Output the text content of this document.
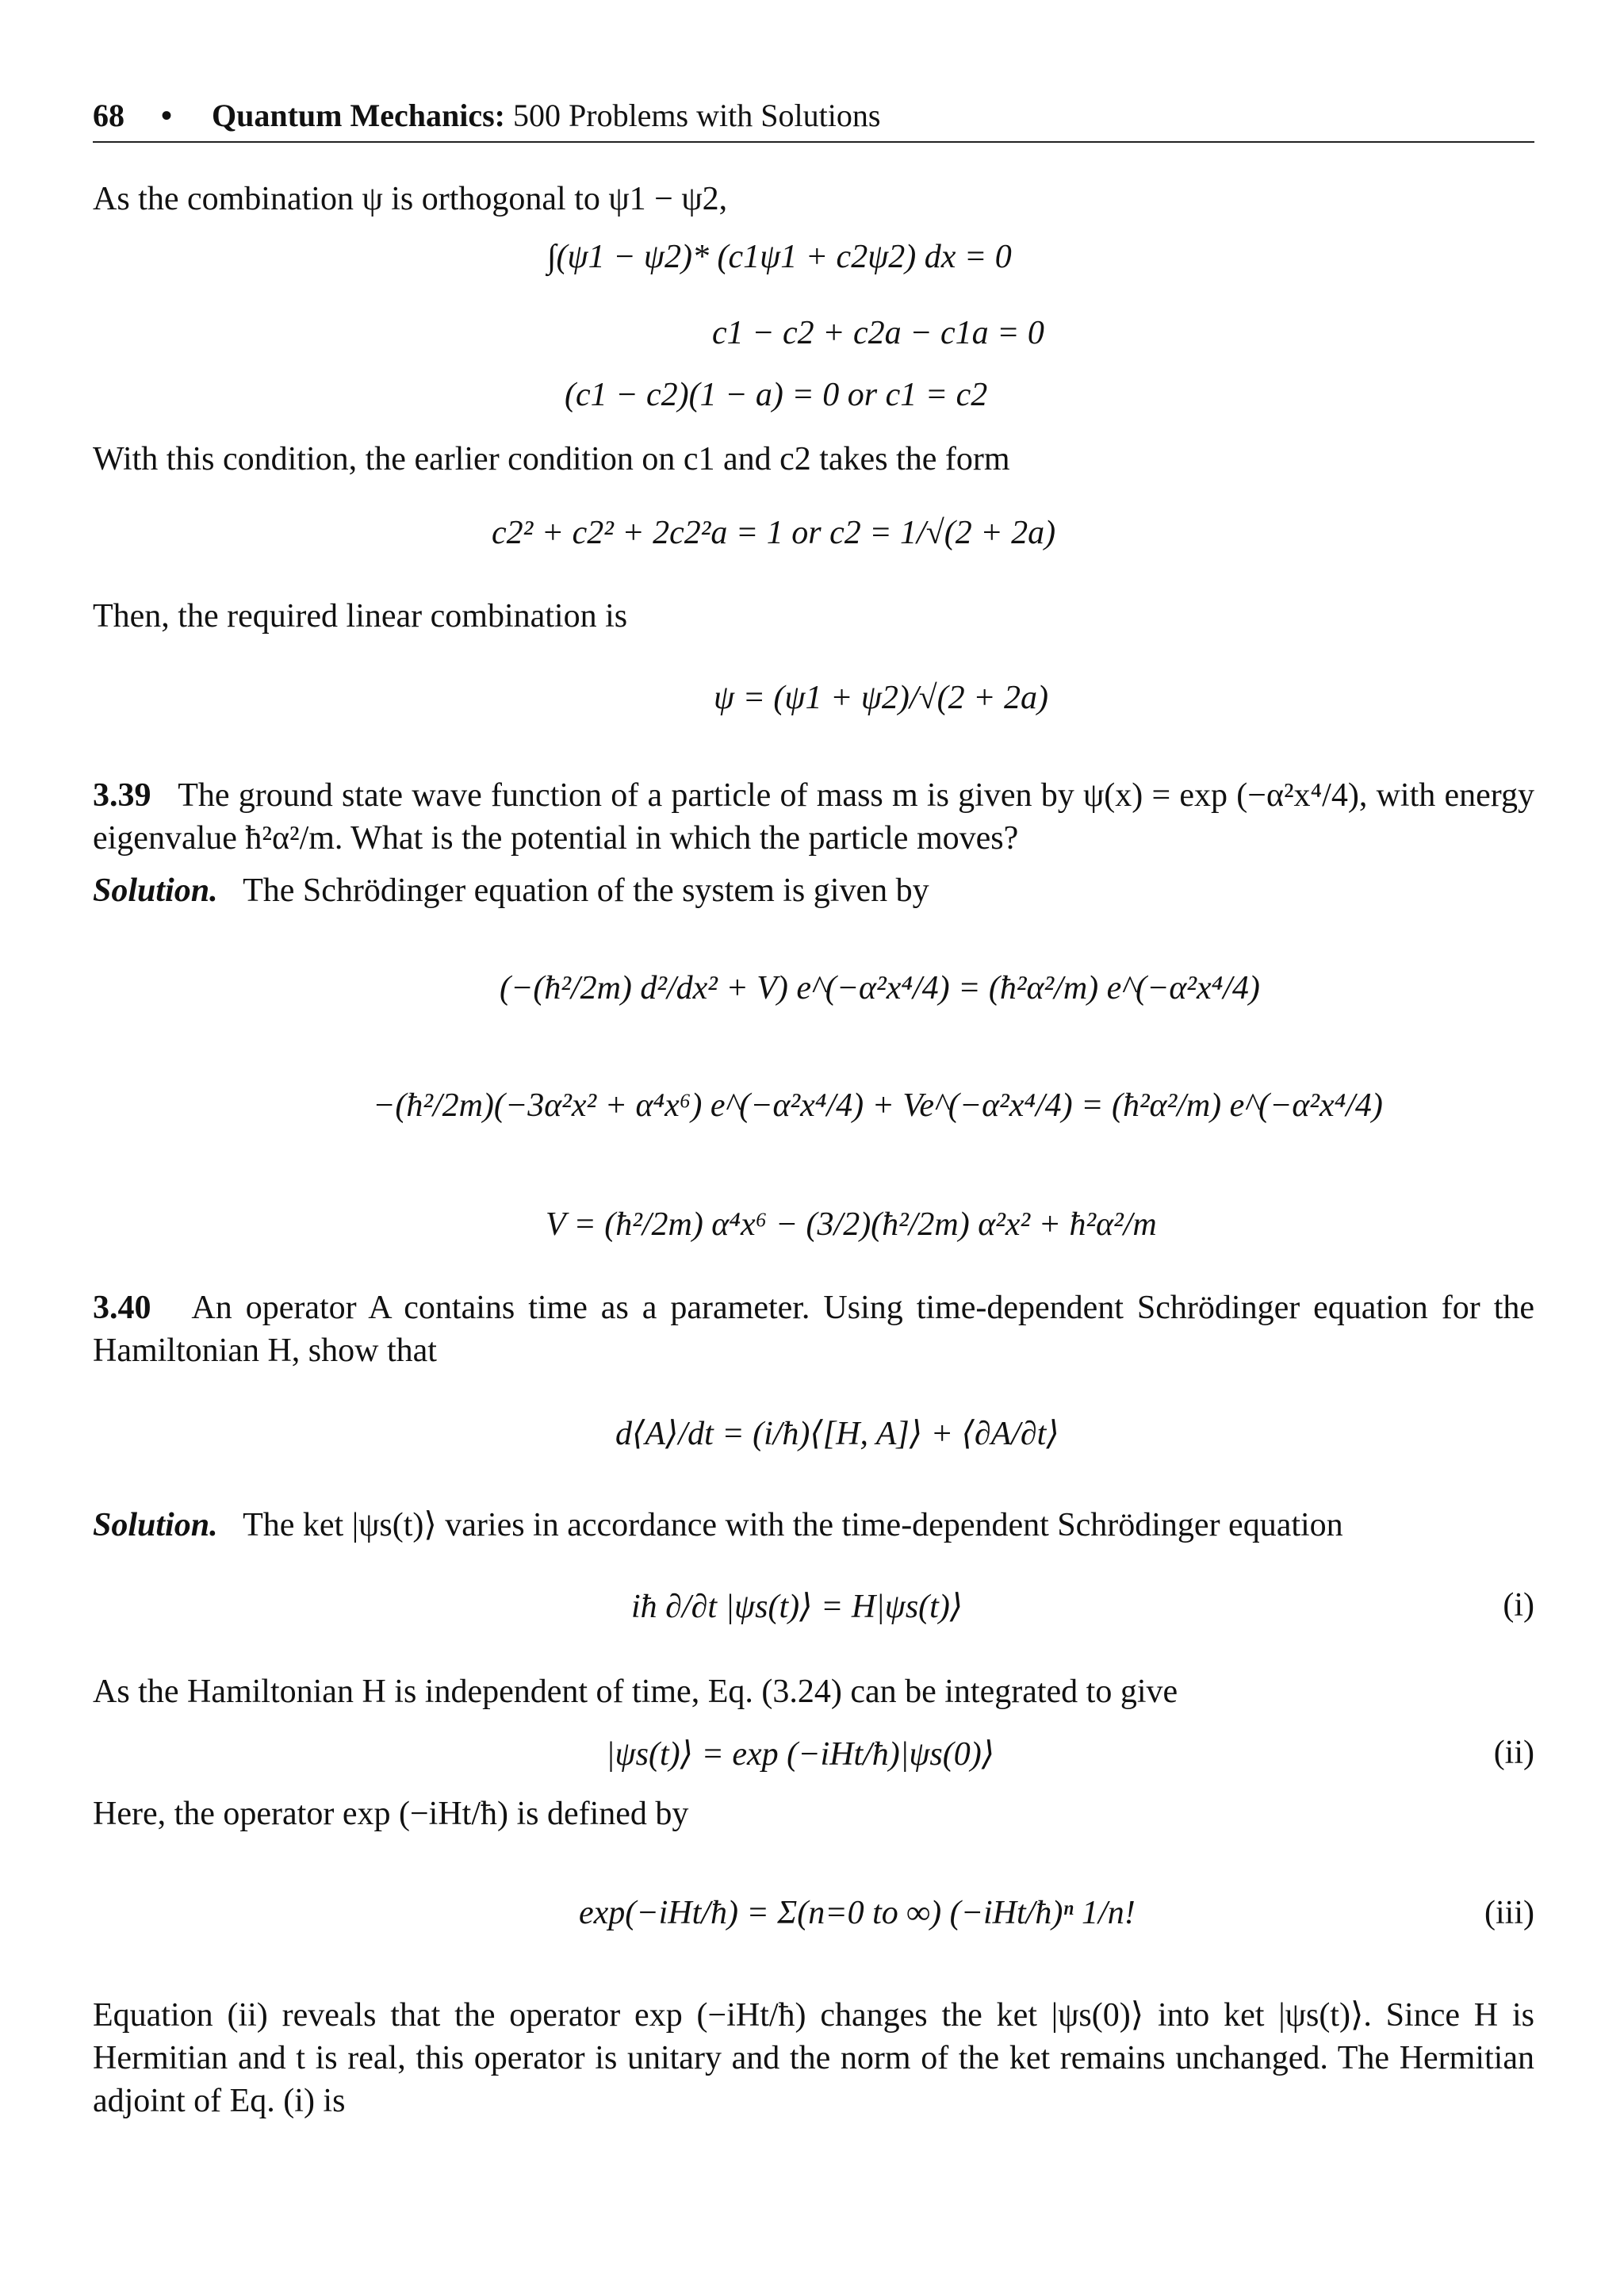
68 • Quantum Mechanics: 500 Problems with Solutions
As the combination ψ is orthogonal to ψ1 − ψ2,
∫(ψ1 − ψ2)* (c1ψ1 + c2ψ2) dx = 0
c1 − c2 + c2a − c1a = 0
(c1 − c2)(1 − a) = 0 or c1 = c2
With this condition, the earlier condition on c1 and c2 takes the form
c2² + c2² + 2c2²a = 1 or c2 = 1/√(2 + 2a)
Then, the required linear combination is
ψ = (ψ1 + ψ2)/√(2 + 2a)
3.39 The ground state wave function of a particle of mass m is given by ψ(x) = exp (−α²x⁴/4), with energy eigenvalue ħ²α²/m. What is the potential in which the particle moves?
Solution. The Schrödinger equation of the system is given by
(−(ħ²/2m) d²/dx² + V) e^(−α²x⁴/4) = (ħ²α²/m) e^(−α²x⁴/4)
−(ħ²/2m)(−3α²x² + α⁴x⁶) e^(−α²x⁴/4) + Ve^(−α²x⁴/4) = (ħ²α²/m) e^(−α²x⁴/4)
V = (ħ²/2m) α⁴x⁶ − (3/2)(ħ²/2m) α²x² + ħ²α²/m
3.40 An operator A contains time as a parameter. Using time-dependent Schrödinger equation for the Hamiltonian H, show that
d⟨A⟩/dt = (i/ħ)⟨[H, A]⟩ + ⟨∂A/∂t⟩
Solution. The ket |ψs(t)⟩ varies in accordance with the time-dependent Schrödinger equation
iħ ∂/∂t |ψs(t)⟩ = H|ψs(t)⟩	(i)
As the Hamiltonian H is independent of time, Eq. (3.24) can be integrated to give
|ψs(t)⟩ = exp (−iHt/ħ)|ψs(0)⟩	(ii)
Here, the operator exp (−iHt/ħ) is defined by
exp(−iHt/ħ) = Σ(n=0 to ∞) (−iHt/ħ)ⁿ 1/n!	(iii)
Equation (ii) reveals that the operator exp (−iHt/ħ) changes the ket |ψs(0)⟩ into ket |ψs(t)⟩. Since H is Hermitian and t is real, this operator is unitary and the norm of the ket remains unchanged. The Hermitian adjoint of Eq. (i) is
